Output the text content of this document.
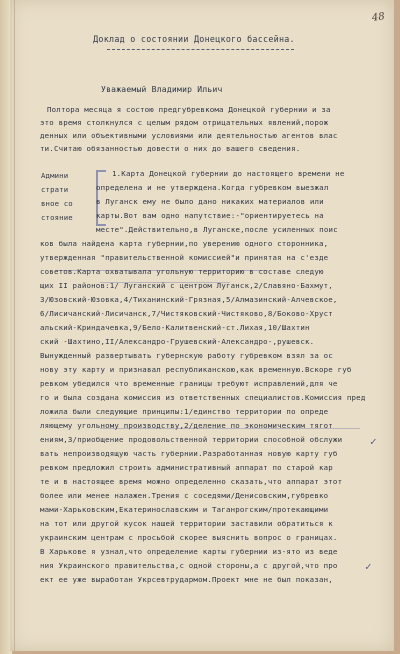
48
Доклад о состоянии Донецкого бассейна.
Уважаемый Владимир Ильич
✓
✓
Полтора месяца я состою предгубревкома Донецкой губернии и за
это время столкнулся с целым рядом отрицательных явлений,порож
денных или объективными условиями или деятельностью агентов влас
ти.Считаю обязанностью довести о них до вашего сведения.
Админи
страти
вное со
стояние
1.Карта Донецкой губернии до настоящего времени не
определена и не утверждена.Когда губревком выезжал
в Луганск ему не было дано никаких материалов или
карты.Вот вам одно напутствие:-"ориентируетесь на
месте".Действительно,в Луганске,после усиленных поис
ков была найдена карта губернии,по уверению одного сторонника,
утвержденная "правительственной комиссией"и принятая на с'езде
советов.Карта охватывала угольную территорию в составе следую
щих II районов:1/ Луганский с центром Луганск,2/Славяно-Бахмут,
3/Юзовский-Юзовка,4/Тиханинский-Грязная,5/Алмазинский-Алчевское,
6/Лисичанский-Лисичанск,7/Чистяковский-Чистяково,8/Боково-Хруст
альский-Криндачевка,9/Бело-Калитвенский-ст.Лихая,10/Шахтин
ский -Шахтино,II/Александро-Грушевский-Александро-,рушевск.
Вынужденный развертывать губернскую работу губревком взял за ос
нову эту карту и признавал республиканскою,как временную.Вскоре губ
ревком убедился что временные границы требуют исправлений,для че
го и была создана комиссия из ответственных специалистов.Комиссия пред
ложила были следующие принципы:1/единство территории по опреде
ляющему угольному производству,2/деление по экономическим тягот
ениям,3/приобщение продовольственной территории способной обслужи
вать непроизводящую часть губернии.Разработанная новую карту губ
ревком предложил строить административный аппарат по старой кар
те и в настоящее время можно определенно сказать,что аппарат этот
более или менее налажен.Трения с соседями/Денисовским,губревко
мами-Харьковским,Екатеринославским и Таганрогским/протекающими
на тот или другой кусок нашей территории заставили обратиться к
украинским центрам с просьбой скорее выяснить вопрос о границах.
В Харькове я узнал,что определение карты губернии из-ято из веде
ния Украинского правительства,с одной стороны,а с другой,что про
ект ее уже выработан Укрсевтрудармом.Проект мне не был показан,
